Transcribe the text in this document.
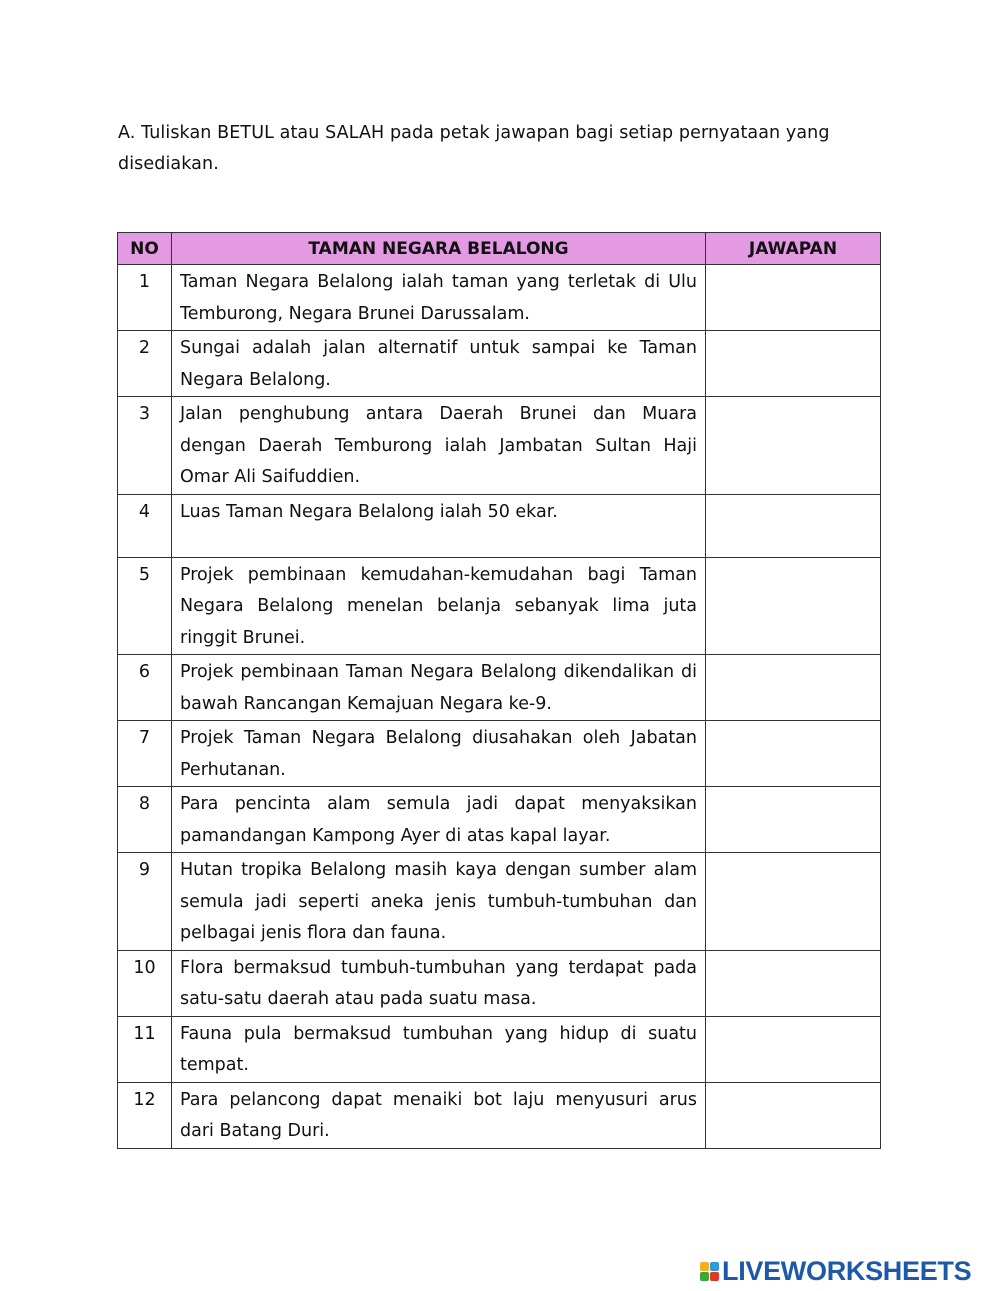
A. Tuliskan BETUL atau SALAH pada petak jawapan bagi setiap pernyataan yang disediakan.
NO	TAMAN NEGARA BELALONG	JAWAPAN
1	Taman Negara Belalong ialah taman yang terletak di Ulu Temburong, Negara Brunei Darussalam.	
2	Sungai adalah jalan alternatif untuk sampai ke Taman Negara Belalong.	
3	Jalan penghubung antara Daerah Brunei dan Muara dengan Daerah Temburong ialah Jambatan Sultan Haji Omar Ali Saifuddien.	
4	Luas Taman Negara Belalong ialah 50 ekar.	
5	Projek pembinaan kemudahan-kemudahan bagi Taman Negara Belalong menelan belanja sebanyak lima juta ringgit Brunei.	
6	Projek pembinaan Taman Negara Belalong dikendalikan di bawah Rancangan Kemajuan Negara ke-9.	
7	Projek Taman Negara Belalong diusahakan oleh Jabatan Perhutanan.	
8	Para pencinta alam semula jadi dapat menyaksikan pamandangan Kampong Ayer di atas kapal layar.	
9	Hutan tropika Belalong masih kaya dengan sumber alam semula jadi seperti aneka jenis tumbuh-tumbuhan dan pelbagai jenis flora dan fauna.	
10	Flora bermaksud tumbuh-tumbuhan yang terdapat pada satu-satu daerah atau pada suatu masa.	
11	Fauna pula bermaksud tumbuhan yang hidup di suatu tempat.	
12	Para pelancong dapat menaiki bot laju menyusuri arus dari Batang Duri.	
LIVEWORKSHEETS
